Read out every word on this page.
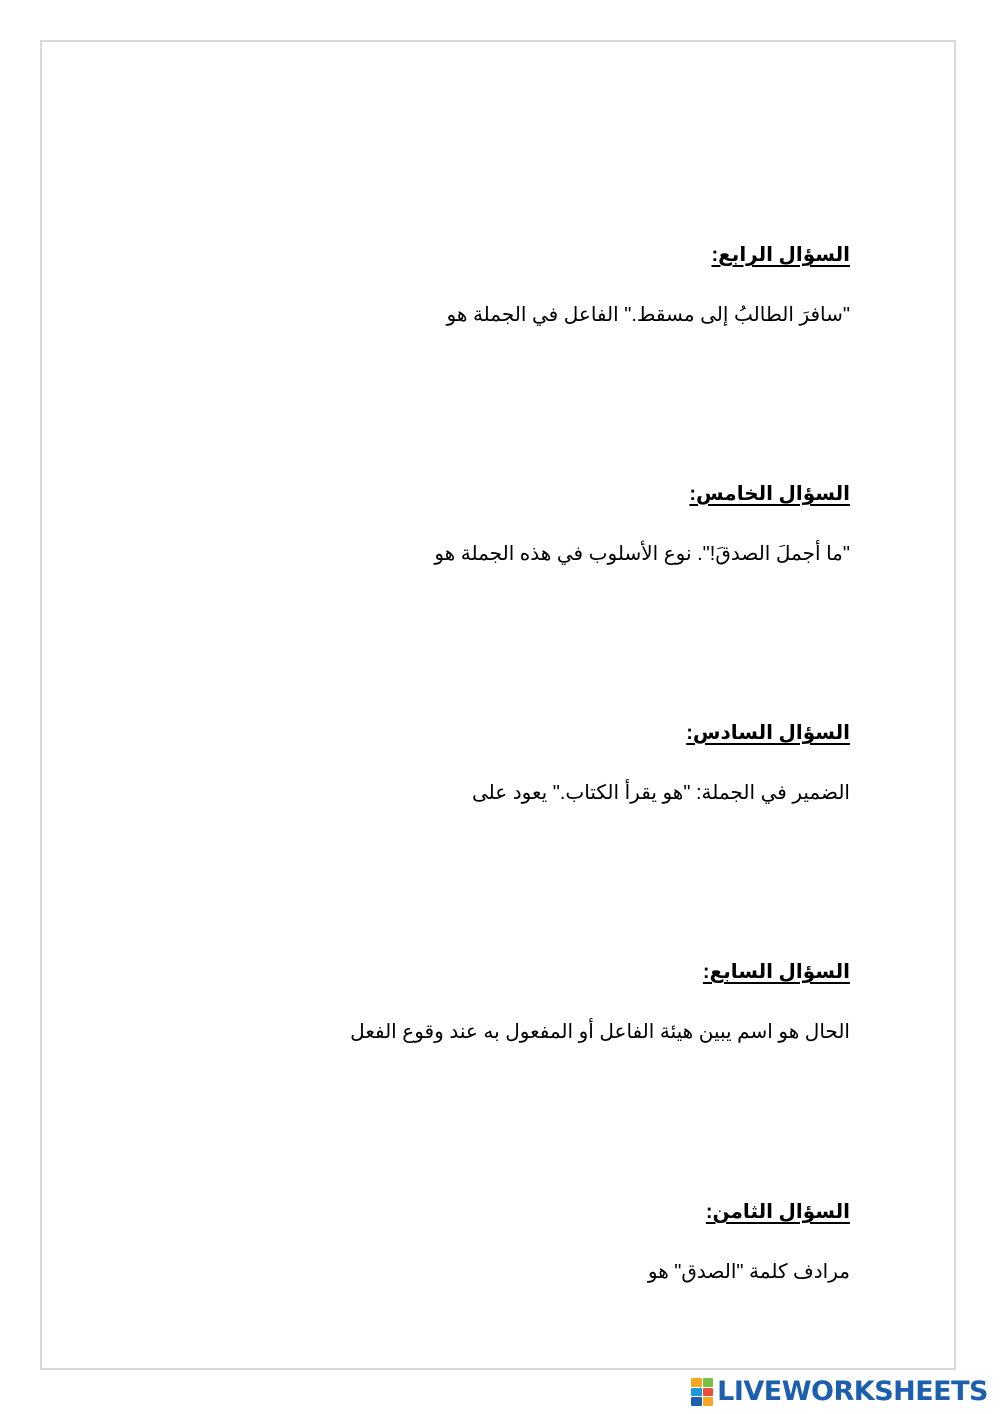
السؤال الرابع:

"سافرَ الطالبُ إلى مسقط." الفاعل في الجملة هو

السؤال الخامس:

"ما أجملَ الصدقَ!". نوع الأسلوب في هذه الجملة هو

السؤال السادس:

الضمير في الجملة: "هو يقرأ الكتاب." يعود على

السؤال السابع:

الحال هو اسم يبين هيئة الفاعل أو المفعول به عند وقوع الفعل

السؤال الثامن:

مرادف كلمة "الصدق" هو

LIVEWORKSHEETS
